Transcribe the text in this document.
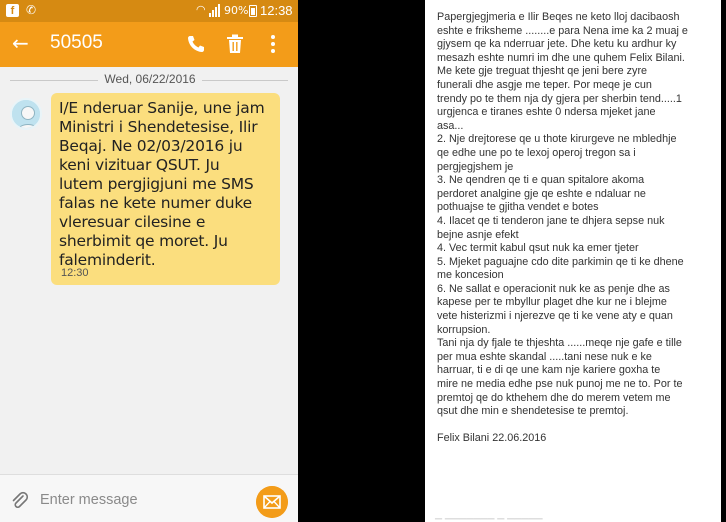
f ✆	◠ 90% 12:38
← 50505
Wed, 06/22/2016
I/E nderuar Sanije, une jam
Ministri i Shendetesise, Ilir
Beqaj. Ne 02/03/2016 ju
keni vizituar QSUT. Ju
lutem pergjigjuni me SMS
falas ne kete numer duke
vleresuar cilesine e
sherbimit qe moret. Ju
faleminderit.
12:30
Enter message
Papergjegjmeria e Ilir Beqes ne keto lloj dacibaosh
eshte e friksheme ........e para Nena ime ka 2 muaj e
gjysem qe ka nderruar jete. Dhe ketu ku ardhur ky
mesazh eshte numri im dhe une quhem Felix Bilani.
Me kete gje treguat thjesht qe jeni bere zyre
funerali dhe asgje me teper. Por meqe je cun
trendy po te them nja dy gjera per sherbin tend.....1
urgjenca e tiranes eshte 0 ndersa mjeket jane
asa...
2. Nje drejtorese qe u thote kirurgeve ne mbledhje
qe edhe une po te lexoj operoj tregon sa i
pergjegjshem je
3. Ne qendren qe ti e quan spitalore akoma
perdoret analgine gje qe eshte e ndaluar ne
pothuajse te gjitha vendet e botes
4. Ilacet qe ti tenderon jane te dhjera sepse nuk
bejne asnje efekt
4. Vec termit kabul qsut nuk ka emer tjeter
5. Mjeket paguajne cdo dite parkimin qe ti ke dhene
me koncesion
6. Ne sallat e operacionit nuk ke as penje dhe as
kapese per te mbyllur plaget dhe kur ne i blejme
vete histerizmi i njerezve qe ti ke vene aty e quan
korrupsion.
Tani nja dy fjale te thjeshta ......meqe nje gafe e tille
per mua eshte skandal .....tani nese nuk e ke
harruar, ti e di qe une kam nje kariere goxha te
mire ne media edhe pse nuk punoj me ne to. Por te
premtoj qe do kthehem dhe do merem vetem me
qsut dhe min e shendetesise te premtoj.
Felix Bilani 22.06.2016
─ ─────── ─ ─────
